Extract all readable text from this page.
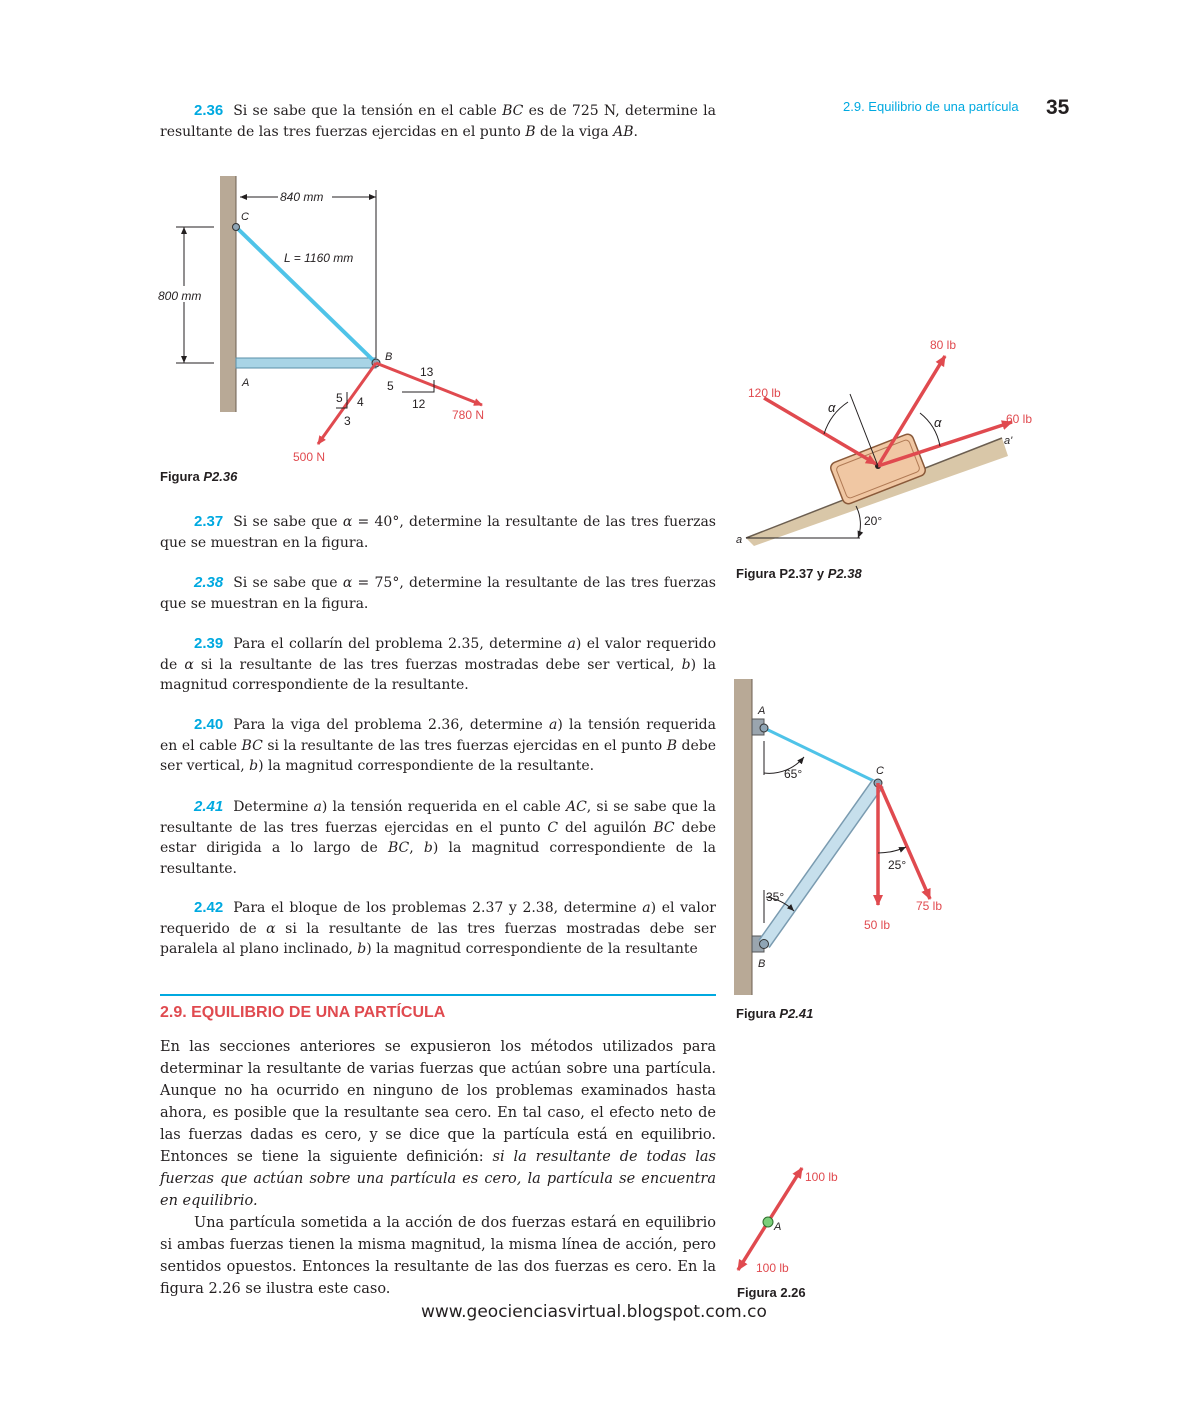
2.9. Equilibrio de una partícula 35
2.36 Si se sabe que la tensión en el cable BC es de 725 N, determine la resultante de las tres fuerzas ejercidas en el punto B de la viga AB.
840 mm
800 mm
L = 1160 mm
C
A
B
780 N
500 N
13
5
12
5 4
3
Figura P2.36
2.37 Si se sabe que α = 40°, determine la resultante de las tres fuerzas que se muestran en la figura.
2.38 Si se sabe que α = 75°, determine la resultante de las tres fuerzas que se muestran en la figura.
2.39 Para el collarín del problema 2.35, determine a) el valor requerido de α si la resultante de las tres fuerzas mostradas debe ser vertical, b) la magnitud correspondiente de la resultante.
2.40 Para la viga del problema 2.36, determine a) la tensión requerida en el cable BC si la resultante de las tres fuerzas ejercidas en el punto B debe ser vertical, b) la magnitud correspondiente de la resultante.
2.41 Determine a) la tensión requerida en el cable AC, si se sabe que la resultante de las tres fuerzas ejercidas en el punto C del aguilón BC debe estar dirigida a lo largo de BC, b) la magnitud correspondiente de la resultante.
2.42 Para el bloque de los problemas 2.37 y 2.38, determine a) el valor requerido de α si la resultante de las tres fuerzas mostradas debe ser paralela al plano inclinado, b) la magnitud correspondiente de la resultante
80 lb
120 lb
60 lb
α
α
a'
a
20°
Figura P2.37 y P2.38
A
B
C
65°
35°
25°
50 lb
75 lb
Figura P2.41
2.9. EQUILIBRIO DE UNA PARTÍCULA
En las secciones anteriores se expusieron los métodos utilizados para determinar la resultante de varias fuerzas que actúan sobre una partícula. Aunque no ha ocurrido en ninguno de los problemas examinados hasta ahora, es posible que la resultante sea cero. En tal caso, el efecto neto de las fuerzas dadas es cero, y se dice que la partícula está en equilibrio. Entonces se tiene la siguiente definición: si la resultante de todas las fuerzas que actúan sobre una partícula es cero, la partícula se encuentra en equilibrio.
Una partícula sometida a la acción de dos fuerzas estará en equilibrio si ambas fuerzas tienen la misma magnitud, la misma línea de acción, pero sentidos opuestos. Entonces la resultante de las dos fuerzas es cero. En la figura 2.26 se ilustra este caso.
100 lb
100 lb
A
Figura 2.26
www.geocienciasvirtual.blogspot.com.co
